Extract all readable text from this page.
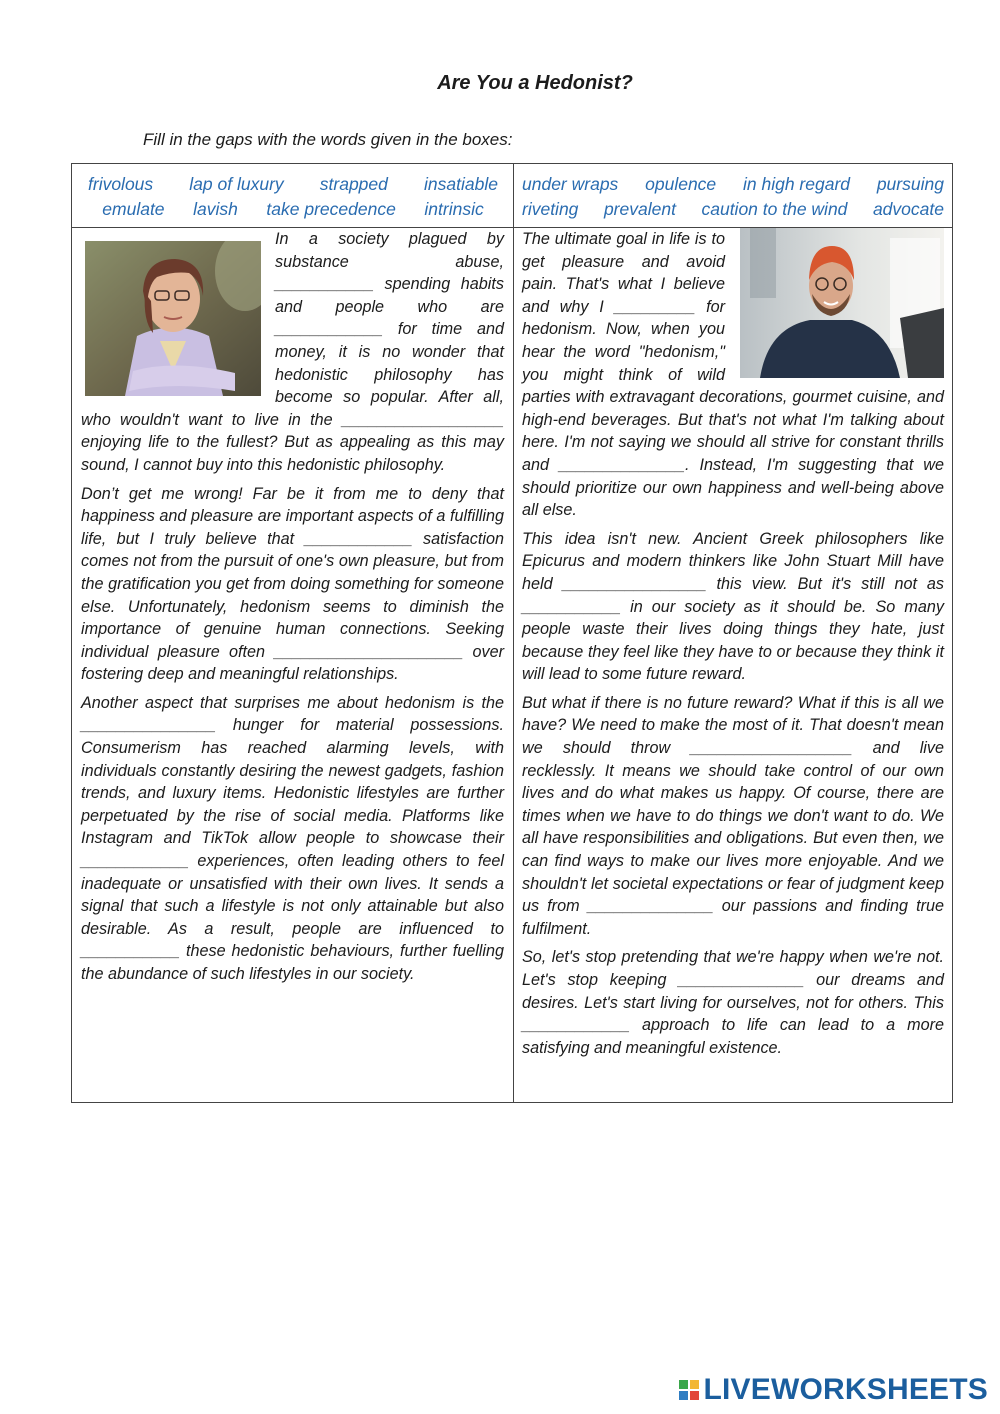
Are You a Hedonist?
Fill in the gaps with the words given in the boxes:
frivolous lap of luxury strapped insatiable
emulate lavish take precedence intrinsic
under wraps opulence in high regard pursuing
riveting prevalent caution to the wind advocate

In a society plagued by substance abuse, ___________ spending habits and people who are ____________ for time and money, it is no wonder that hedonistic philosophy has become so popular. After all, who wouldn't want to live in the __________________ enjoying life to the fullest? But as appealing as this may sound, I cannot buy into this hedonistic philosophy.

Don’t get me wrong! Far be it from me to deny that happiness and pleasure are important aspects of a fulfilling life, but I truly believe that ____________ satisfaction comes not from the pursuit of one's own pleasure, but from the gratification you get from doing something for someone else. Unfortunately, hedonism seems to diminish the importance of genuine human connections. Seeking individual pleasure often _____________________ over fostering deep and meaningful relationships.

Another aspect that surprises me about hedonism is the _______________ hunger for material possessions. Consumerism has reached alarming levels, with individuals constantly desiring the newest gadgets, fashion trends, and luxury items. Hedonistic lifestyles are further perpetuated by the rise of social media. Platforms like Instagram and TikTok allow people to showcase their ____________ experiences, often leading others to feel inadequate or unsatisfied with their own lives. It sends a signal that such a lifestyle is not only attainable but also desirable. As a result, people are influenced to ___________ these hedonistic behaviours, further fuelling the abundance of such lifestyles in our society.

The ultimate goal in life is to get pleasure and avoid pain. That's what I believe and why I _________ for hedonism. Now, when you hear the word "hedonism," you might think of wild parties with extravagant decorations, gourmet cuisine, and high-end beverages. But that's not what I'm talking about here. I'm not saying we should all strive for constant thrills and ______________. Instead, I'm suggesting that we should prioritize our own happiness and well-being above all else.

This idea isn't new. Ancient Greek philosophers like Epicurus and modern thinkers like John Stuart Mill have held ________________ this view. But it's still not as ___________ in our society as it should be. So many people waste their lives doing things they hate, just because they feel like they have to or because they think it will lead to some future reward.

But what if there is no future reward? What if this is all we have? We need to make the most of it. That doesn't mean we should throw __________________ and live recklessly. It means we should take control of our own lives and do what makes us happy. Of course, there are times when we have to do things we don't want to do. We all have responsibilities and obligations. But even then, we can find ways to make our lives more enjoyable. And we shouldn't let societal expectations or fear of judgment keep us from ______________ our passions and finding true fulfilment.

So, let's stop pretending that we're happy when we're not. Let's stop keeping ______________ our dreams and desires. Let's start living for ourselves, not for others. This ____________ approach to life can lead to a more satisfying and meaningful existence.

LIVEWORKSHEETS
